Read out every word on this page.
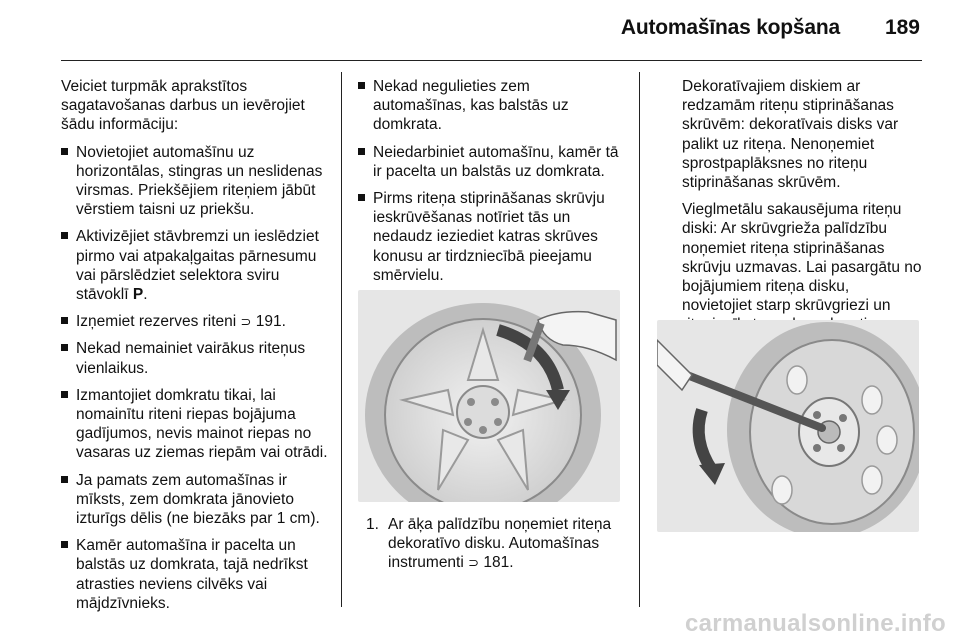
Automašīnas kopšana 189

Veiciet turpmāk aprakstītos sagatavošanas darbus un ievērojiet šādu informāciju:

Novietojiet automašīnu uz horizontālas, stingras un neslidenas virsmas. Priekšējiem riteņiem jābūt vērstiem taisni uz priekšu.
Aktivizējiet stāvbremzi un ieslēdziet pirmo vai atpakaļgaitas pārnesumu vai pārslēdziet selektora sviru stāvoklī P.
Izņemiet rezerves riteni ⊃ 191.
Nekad nemainiet vairākus riteņus vienlaikus.
Izmantojiet domkratu tikai, lai nomainītu riteni riepas bojājuma gadījumos, nevis mainot riepas no vasaras uz ziemas riepām vai otrādi.
Ja pamats zem automašīnas ir mīksts, zem domkrata jānovieto izturīgs dēlis (ne biezāks par 1 cm).
Kamēr automašīna ir pacelta un balstās uz domkrata, tajā nedrīkst atrasties neviens cilvēks vai mājdzīvnieks.
Nekad negulieties zem automašīnas, kas balstās uz domkrata.
Neiedarbiniet automašīnu, kamēr tā ir pacelta un balstās uz domkrata.
Pirms riteņa stiprināšanas skrūvju ieskrūvēšanas notīriet tās un nedaudz ieziediet katras skrūves konusu ar tirdzniecībā pieejamu smērvielu.
1. Ar āķa palīdzību noņemiet riteņa dekoratīvo disku. Automašīnas instrumenti ⊃ 181.

Dekoratīvajiem diskiem ar redzamām riteņu stiprināšanas skrūvēm: dekoratīvais disks var palikt uz riteņa. Nenoņemiet sprostpaplāksnes no riteņu stiprināšanas skrūvēm.

Vieglmetālu sakausējuma riteņu diski: Ar skrūvgrieža palīdzību noņemiet riteņa stiprināšanas skrūvju uzmavas. Lai pasargātu no bojājumiem riteņa disku, novietojiet starp skrūvgriezi un

carmanualsonline.info
